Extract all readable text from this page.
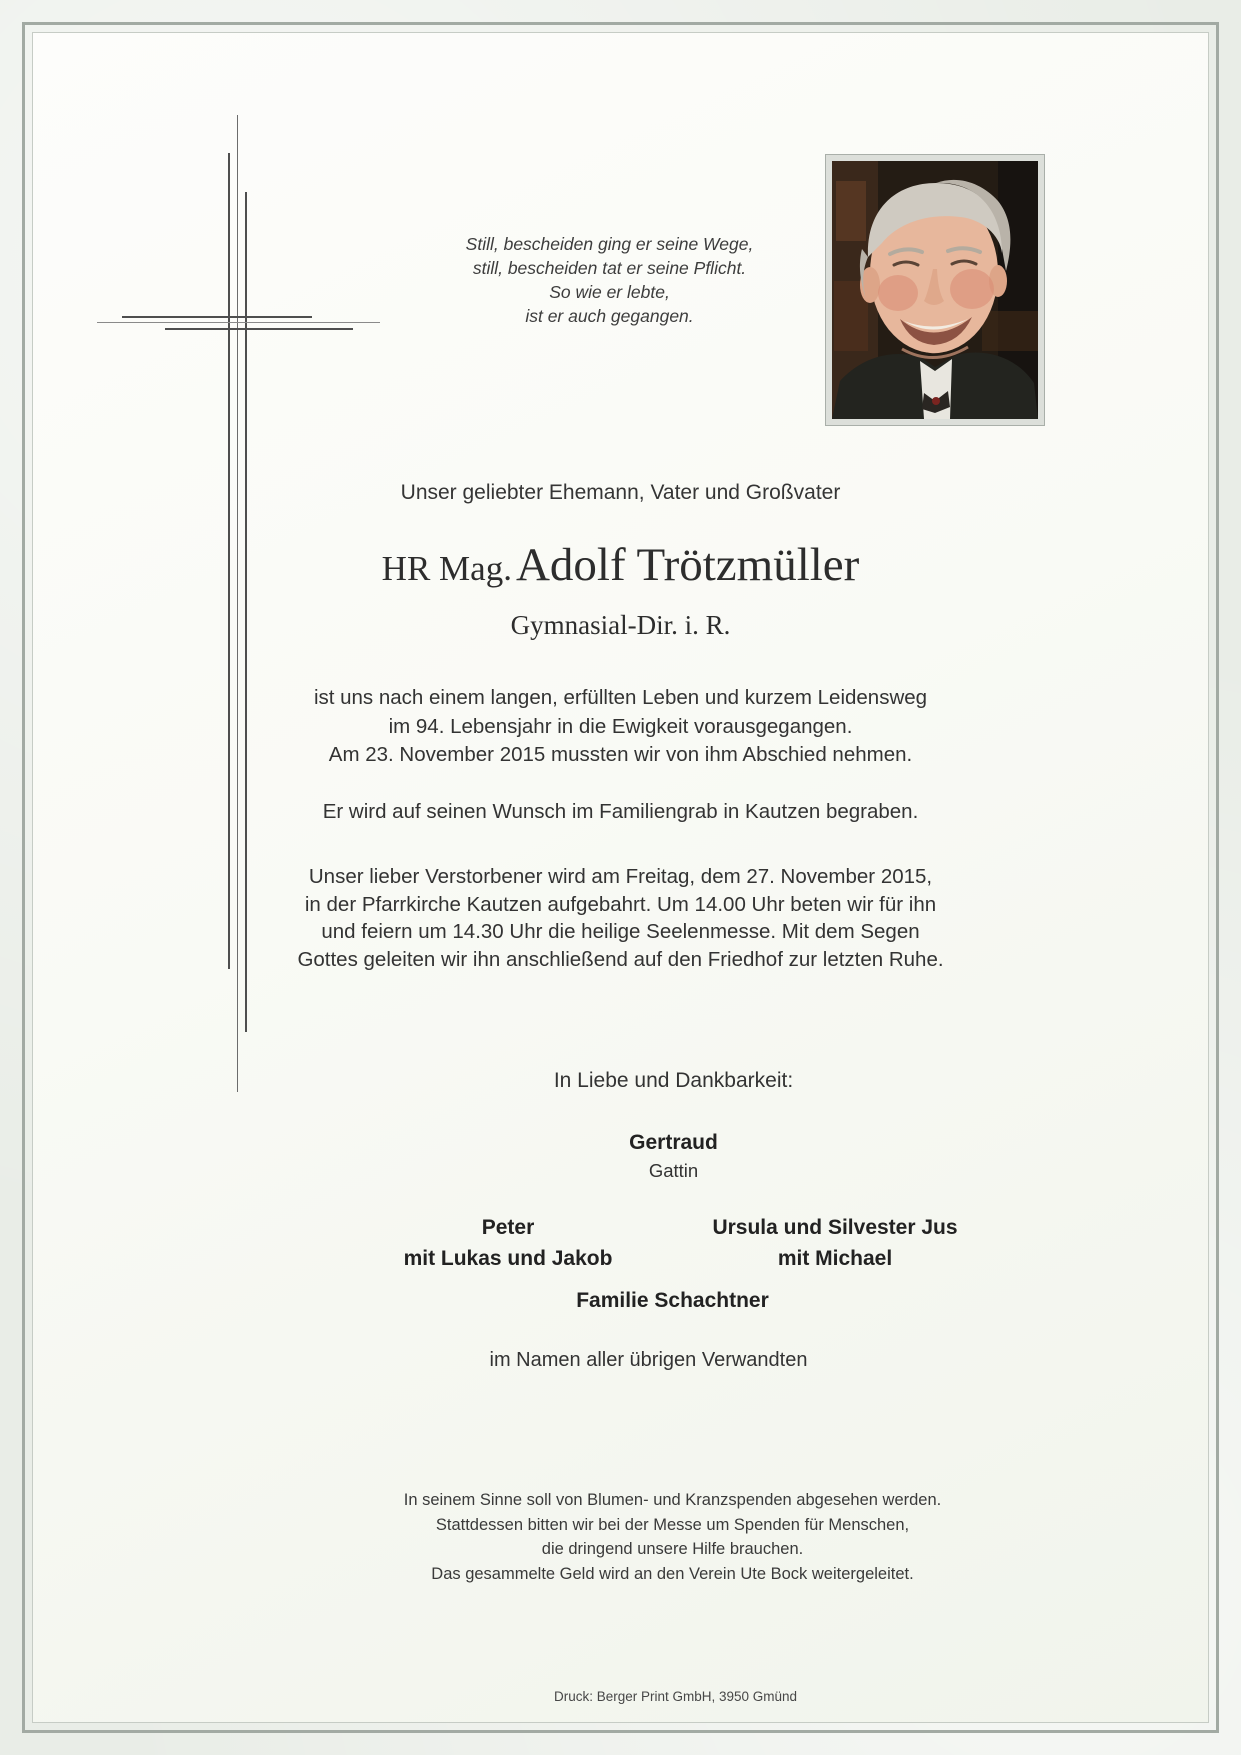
Still, bescheiden ging er seine Wege,
still, bescheiden tat er seine Pflicht.
So wie er lebte,
ist er auch gegangen.
Unser geliebter Ehemann, Vater und Großvater
HR Mag. Adolf Trötzmüller
Gymnasial-Dir. i. R.
ist uns nach einem langen, erfüllten Leben und kurzem Leidensweg
im 94. Lebensjahr in die Ewigkeit vorausgegangen.
Am 23. November 2015 mussten wir von ihm Abschied nehmen.
Er wird auf seinen Wunsch im Familiengrab in Kautzen begraben.
Unser lieber Verstorbener wird am Freitag, dem 27. November 2015,
in der Pfarrkirche Kautzen aufgebahrt. Um 14.00 Uhr beten wir für ihn
und feiern um 14.30 Uhr die heilige Seelenmesse. Mit dem Segen
Gottes geleiten wir ihn anschließend auf den Friedhof zur letzten Ruhe.
In Liebe und Dankbarkeit:
Gertraud
Gattin
Peter
mit Lukas und Jakob
Ursula und Silvester Jus
mit Michael
Familie Schachtner
im Namen aller übrigen Verwandten
In seinem Sinne soll von Blumen- und Kranzspenden abgesehen werden.
Stattdessen bitten wir bei der Messe um Spenden für Menschen,
die dringend unsere Hilfe brauchen.
Das gesammelte Geld wird an den Verein Ute Bock weitergeleitet.
Druck: Berger Print GmbH, 3950 Gmünd
